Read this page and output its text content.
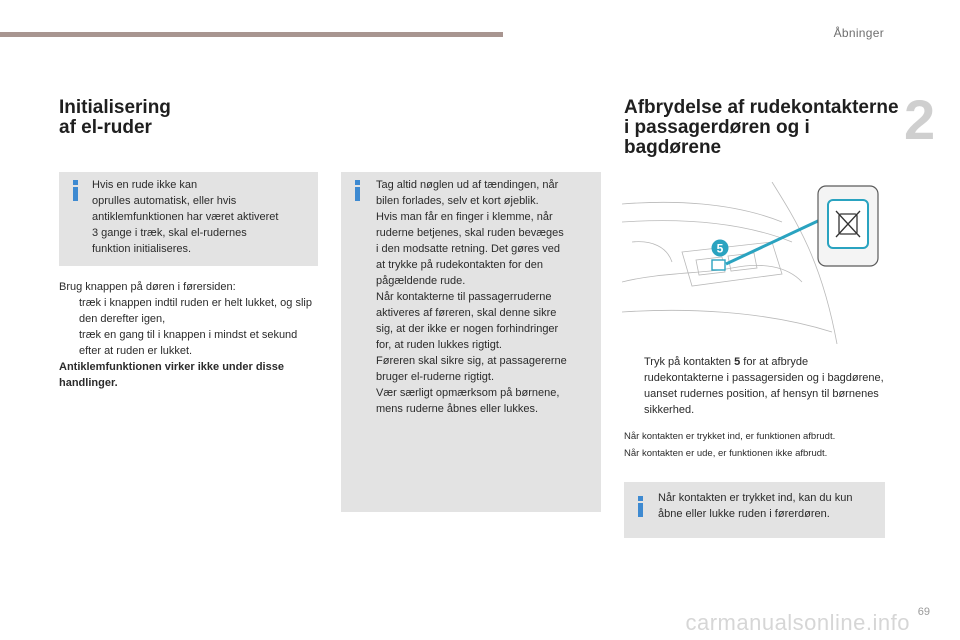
Åbninger
2
Initialisering
af el-ruder

Hvis en rude ikke kan
oprulles automatisk, eller hvis
antiklemfunktionen har været aktiveret
3 gange i træk, skal el-rudernes
funktion initialiseres.

Brug knappen på døren i førersiden:

træk i knappen indtil ruden er helt lukket, og slip den derefter igen,
træk en gang til i knappen i mindst et sekund efter at ruden er lukket.

Antiklemfunktionen virker ikke under disse handlinger.

Tag altid nøglen ud af tændingen, når
bilen forlades, selv et kort øjeblik.
Hvis man får en finger i klemme, når
ruderne betjenes, skal ruden bevæges
i den modsatte retning. Det gøres ved
at trykke på rudekontakten for den
pågældende rude.
Når kontakterne til passagerruderne
aktiveres af føreren, skal denne sikre
sig, at der ikke er nogen forhindringer
for, at ruden lukkes rigtigt.
Føreren skal sikre sig, at passagererne
bruger el-ruderne rigtigt.
Vær særligt opmærksom på børnene,
mens ruderne åbnes eller lukkes.

Afbrydelse af rudekontakterne
i passagerdøren og i
bagdørene
5
Tryk på kontakten 5 for at afbryde rudekontakterne i passagersiden og i bagdørene, uanset rudernes position, af hensyn til børnenes sikkerhed.

Når kontakten er trykket ind, er funktionen afbrudt.

Når kontakten er ude, er funktionen ikke afbrudt.

Når kontakten er trykket ind, kan du kun
åbne eller lukke ruden i førerdøren.

69
carmanualsonline.info
